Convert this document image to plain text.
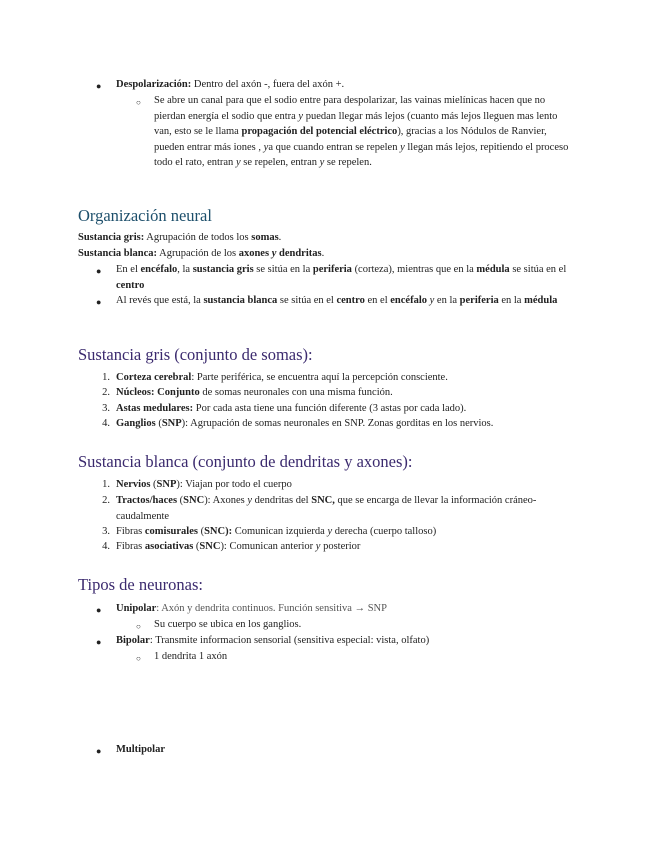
● Despolarización: Dentro del axón -, fuera del axón +.
○ Se abre un canal para que el sodio entre para despolarizar, las vainas mielínicas hacen que no pierdan energía el sodio que entra y puedan llegar más lejos (cuanto más lejos lleguen mas lento van, esto se le llama propagación del potencial eléctrico), gracias a los Nódulos de Ranvier, pueden entrar más iones , ya que cuando entran se repelen y llegan más lejos, repitiendo el proceso todo el rato, entran y se repelen, entran y se repelen.
Organización neural
Sustancia gris: Agrupación de todos los somas.
Sustancia blanca: Agrupación de los axones y dendritas.
● En el encéfalo, la sustancia gris se sitúa en la periferia (corteza), mientras que en la médula se sitúa en el centro
● Al revés que está, la sustancia blanca se sitúa en el centro en el encéfalo y en la periferia en la médula
Sustancia gris (conjunto de somas):
1. Corteza cerebral: Parte periférica, se encuentra aquí la percepción consciente.
2. Núcleos: Conjunto de somas neuronales con una misma función.
3. Astas medulares: Por cada asta tiene una función diferente (3 astas por cada lado).
4. Ganglios (SNP): Agrupación de somas neuronales en SNP. Zonas gorditas en los nervios.
Sustancia blanca (conjunto de dendritas y axones):
1. Nervios (SNP): Viajan por todo el cuerpo
2. Tractos/haces (SNC): Axones y dendritas del SNC, que se encarga de llevar la información cráneo-caudalmente
3. Fibras comisurales (SNC): Comunican izquierda y derecha (cuerpo talloso)
4. Fibras asociativas (SNC): Comunican anterior y posterior
Tipos de neuronas:
● Unipolar: Axón y dendrita continuos. Función sensitiva → SNP
○ Su cuerpo se ubica en los ganglios.
● Bipolar: Transmite informacion sensorial (sensitiva especial: vista, olfato)
○ 1 dendrita 1 axón
● Multipolar
